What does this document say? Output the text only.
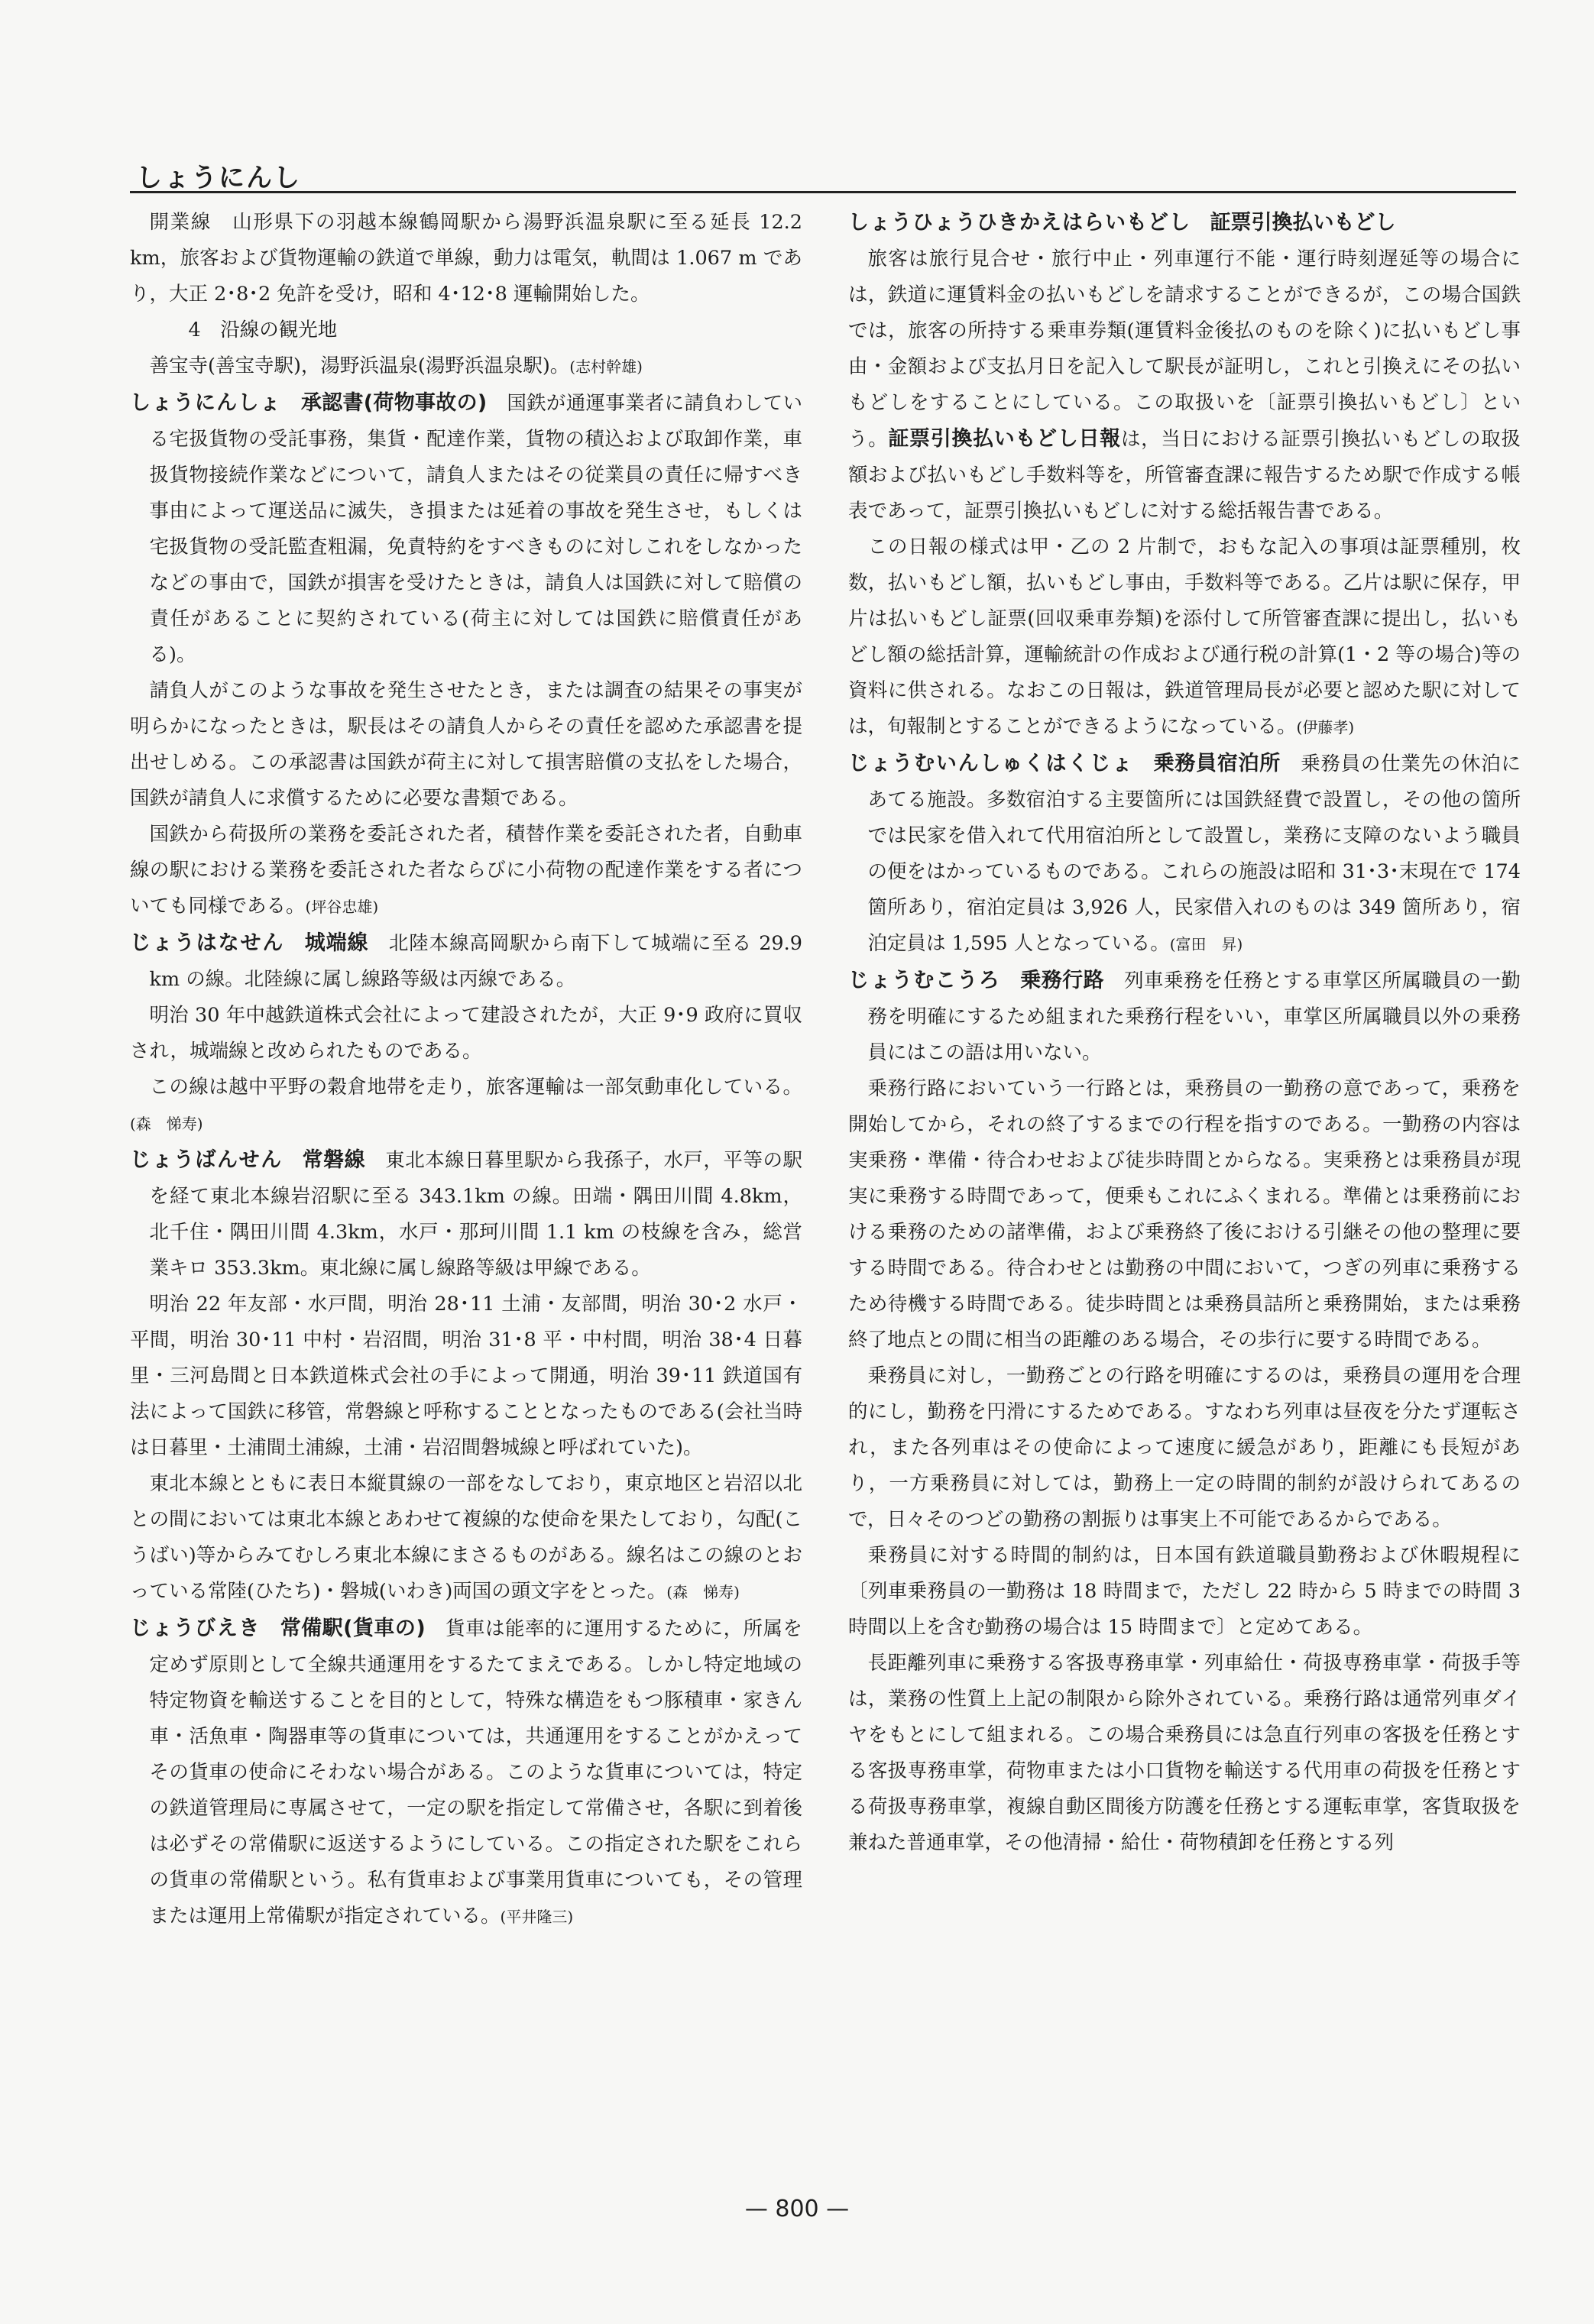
しょうにんし

開業線　山形県下の羽越本線鶴岡駅から湯野浜温泉駅に至る延長 12.2 km，旅客および貨物運輸の鉄道で単線，動力は電気，軌間は 1.067 m であり，大正 2･8･2 免許を受け，昭和 4･12･8 運輸開始した。

4　沿線の観光地

善宝寺(善宝寺駅)，湯野浜温泉(湯野浜温泉駅)。(志村幹雄)

しょうにんしょ　 承認書(荷物事故の)　 国鉄が通運事業者に請負わしている宅扱貨物の受託事務，集貨・配達作業，貨物の積込および取卸作業，車扱貨物接続作業などについて，請負人またはその従業員の責任に帰すべき事由によって運送品に滅失，き損または延着の事故を発生させ，もしくは宅扱貨物の受託監査粗漏，免責特約をすべきものに対しこれをしなかったなどの事由で，国鉄が損害を受けたときは，請負人は国鉄に対して賠償の責任があることに契約されている(荷主に対しては国鉄に賠償責任がある)。

請負人がこのような事故を発生させたとき，または調査の結果その事実が明らかになったときは，駅長はその請負人からその責任を認めた承認書を提出せしめる。この承認書は国鉄が荷主に対して損害賠償の支払をした場合，国鉄が請負人に求償するために必要な書類である。

国鉄から荷扱所の業務を委託された者，積替作業を委託された者，自動車線の駅における業務を委託された者ならびに小荷物の配達作業をする者についても同様である。(坪谷忠雄)

じょうはなせん　 城端線　 北陸本線高岡駅から南下して城端に至る 29.9 km の線。北陸線に属し線路等級は丙線である。

明治 30 年中越鉄道株式会社によって建設されたが，大正 9･9 政府に買収され，城端線と改められたものである。

この線は越中平野の穀倉地帯を走り，旅客運輸は一部気動車化している。(森　悌寿)

じょうばんせん　 常磐線　 東北本線日暮里駅から我孫子，水戸，平等の駅を経て東北本線岩沼駅に至る 343.1km の線。田端・隅田川間 4.8km，北千住・隅田川間 4.3km，水戸・那珂川間 1.1 km の枝線を含み，総営業キロ 353.3km。東北線に属し線路等級は甲線である。

明治 22 年友部・水戸間，明治 28･11 土浦・友部間，明治 30･2 水戸・平間，明治 30･11 中村・岩沼間，明治 31･8 平・中村間，明治 38･4 日暮里・三河島間と日本鉄道株式会社の手によって開通，明治 39･11 鉄道国有法によって国鉄に移管，常磐線と呼称することとなったものである(会社当時は日暮里・土浦間土浦線，土浦・岩沼間磐城線と呼ばれていた)。

東北本線とともに表日本縦貫線の一部をなしており，東京地区と岩沼以北との間においては東北本線とあわせて複線的な使命を果たしており，勾配(こうばい)等からみてむしろ東北本線にまさるものがある。線名はこの線のとおっている常陸(ひたち)・磐城(いわき)両国の頭文字をとった。(森　悌寿)

じょうびえき　 常備駅(貨車の)　 貨車は能率的に運用するために，所属を定めず原則として全線共通運用をするたてまえである。しかし特定地域の特定物資を輸送することを目的として，特殊な構造をもつ豚積車・家きん車・活魚車・陶器車等の貨車については，共通運用をすることがかえってその貨車の使命にそわない場合がある。このような貨車については，特定の鉄道管理局に専属させて，一定の駅を指定して常備させ，各駅に到着後は必ずその常備駅に返送するようにしている。この指定された駅をこれらの貨車の常備駅という。私有貨車および事業用貨車についても，その管理または運用上常備駅が指定されている。(平井隆三)

しょうひょうひきかえはらいもどし　 証票引換払いもどし

旅客は旅行見合せ・旅行中止・列車運行不能・運行時刻遅延等の場合には，鉄道に運賃料金の払いもどしを請求することができるが，この場合国鉄では，旅客の所持する乗車券類(運賃料金後払のものを除く)に払いもどし事由・金額および支払月日を記入して駅長が証明し，これと引換えにその払いもどしをすることにしている。この取扱いを〔証票引換払いもどし〕という。証票引換払いもどし日報は，当日における証票引換払いもどしの取扱額および払いもどし手数料等を，所管審査課に報告するため駅で作成する帳表であって，証票引換払いもどしに対する総括報告書である。

この日報の様式は甲・乙の 2 片制で，おもな記入の事項は証票種別，枚数，払いもどし額，払いもどし事由，手数料等である。乙片は駅に保存，甲片は払いもどし証票(回収乗車券類)を添付して所管審査課に提出し，払いもどし額の総括計算，運輸統計の作成および通行税の計算(1・2 等の場合)等の資料に供される。なおこの日報は，鉄道管理局長が必要と認めた駅に対しては，旬報制とすることができるようになっている。(伊藤孝)

じょうむいんしゅくはくじょ　 乗務員宿泊所　 乗務員の仕業先の休泊にあてる施設。多数宿泊する主要箇所には国鉄経費で設置し，その他の箇所では民家を借入れて代用宿泊所として設置し，業務に支障のないよう職員の便をはかっているものである。これらの施設は昭和 31･3･末現在で 174 箇所あり，宿泊定員は 3,926 人，民家借入れのものは 349 箇所あり，宿泊定員は 1,595 人となっている。(富田　昇)

じょうむこうろ　 乗務行路　 列車乗務を任務とする車掌区所属職員の一勤務を明確にするため組まれた乗務行程をいい，車掌区所属職員以外の乗務員にはこの語は用いない。

乗務行路においていう一行路とは，乗務員の一勤務の意であって，乗務を開始してから，それの終了するまでの行程を指すのである。一勤務の内容は実乗務・準備・待合わせおよび徒歩時間とからなる。実乗務とは乗務員が現実に乗務する時間であって，便乗もこれにふくまれる。準備とは乗務前における乗務のための諸準備，および乗務終了後における引継その他の整理に要する時間である。待合わせとは勤務の中間において，つぎの列車に乗務するため待機する時間である。徒歩時間とは乗務員詰所と乗務開始，または乗務終了地点との間に相当の距離のある場合，その歩行に要する時間である。

乗務員に対し，一勤務ごとの行路を明確にするのは，乗務員の運用を合理的にし，勤務を円滑にするためである。すなわち列車は昼夜を分たず運転され，また各列車はその使命によって速度に緩急があり，距離にも長短があり，一方乗務員に対しては，勤務上一定の時間的制約が設けられてあるので，日々そのつどの勤務の割振りは事実上不可能であるからである。

乗務員に対する時間的制約は，日本国有鉄道職員勤務および休暇規程に〔列車乗務員の一勤務は 18 時間まで，ただし 22 時から 5 時までの時間 3 時間以上を含む勤務の場合は 15 時間まで〕と定めてある。

長距離列車に乗務する客扱専務車掌・列車給仕・荷扱専務車掌・荷扱手等は，業務の性質上上記の制限から除外されている。乗務行路は通常列車ダイヤをもとにして組まれる。この場合乗務員には急直行列車の客扱を任務とする客扱専務車掌，荷物車または小口貨物を輸送する代用車の荷扱を任務とする荷扱専務車掌，複線自動区間後方防護を任務とする運転車掌，客貨取扱を兼ねた普通車掌，その他清掃・給仕・荷物積卸を任務とする列

— 800 —
